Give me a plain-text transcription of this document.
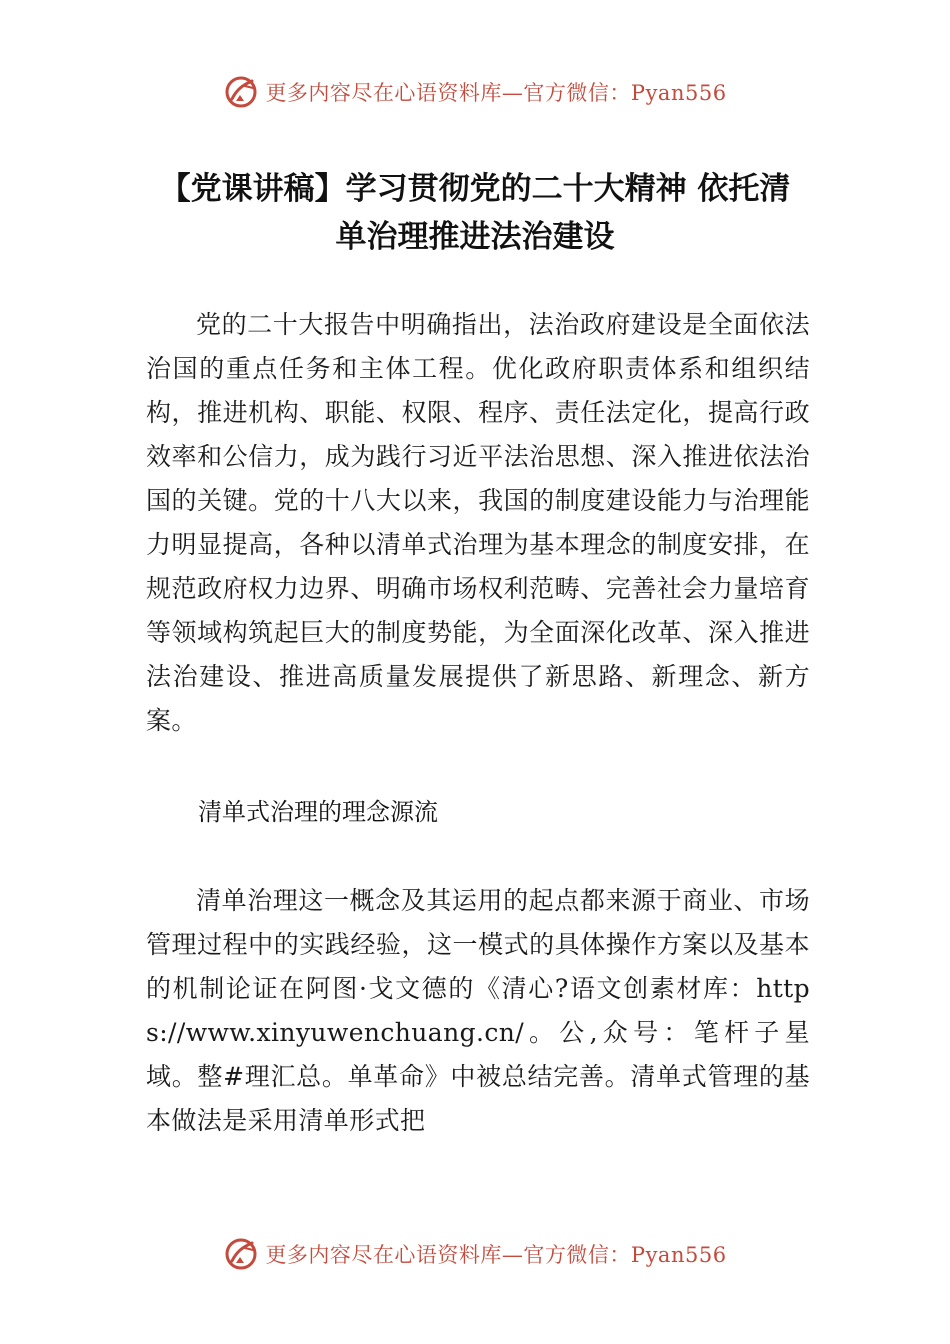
更多内容尽在心语资料库—官方微信：Pyan556
【党课讲稿】学习贯彻党的二十大精神 依托清单治理推进法治建设

党的二十大报告中明确指出，法治政府建设是全面依法治国的重点任务和主体工程。优化政府职责体系和组织结构，推进机构、职能、权限、程序、责任法定化，提高行政效率和公信力，成为践行习近平法治思想、深入推进依法治国的关键。党的十八大以来，我国的制度建设能力与治理能力明显提高，各种以清单式治理为基本理念的制度安排，在规范政府权力边界、明确市场权利范畴、完善社会力量培育等领域构筑起巨大的制度势能，为全面深化改革、深入推进法治建设、推进高质量发展提供了新思路、新理念、新方案。

清单式治理的理念源流

清单治理这一概念及其运用的起点都来源于商业、市场管理过程中的实践经验，这一模式的具体操作方案以及基本的机制论证在阿图·戈文德的《清心?语文创素材库：https://www.xinyuwenchuang.cn/。公,众号：笔杆子星域。整#理汇总。单革命》中被总结完善。清单式管理的基本做法是采用清单形式把

更多内容尽在心语资料库—官方微信：Pyan556
